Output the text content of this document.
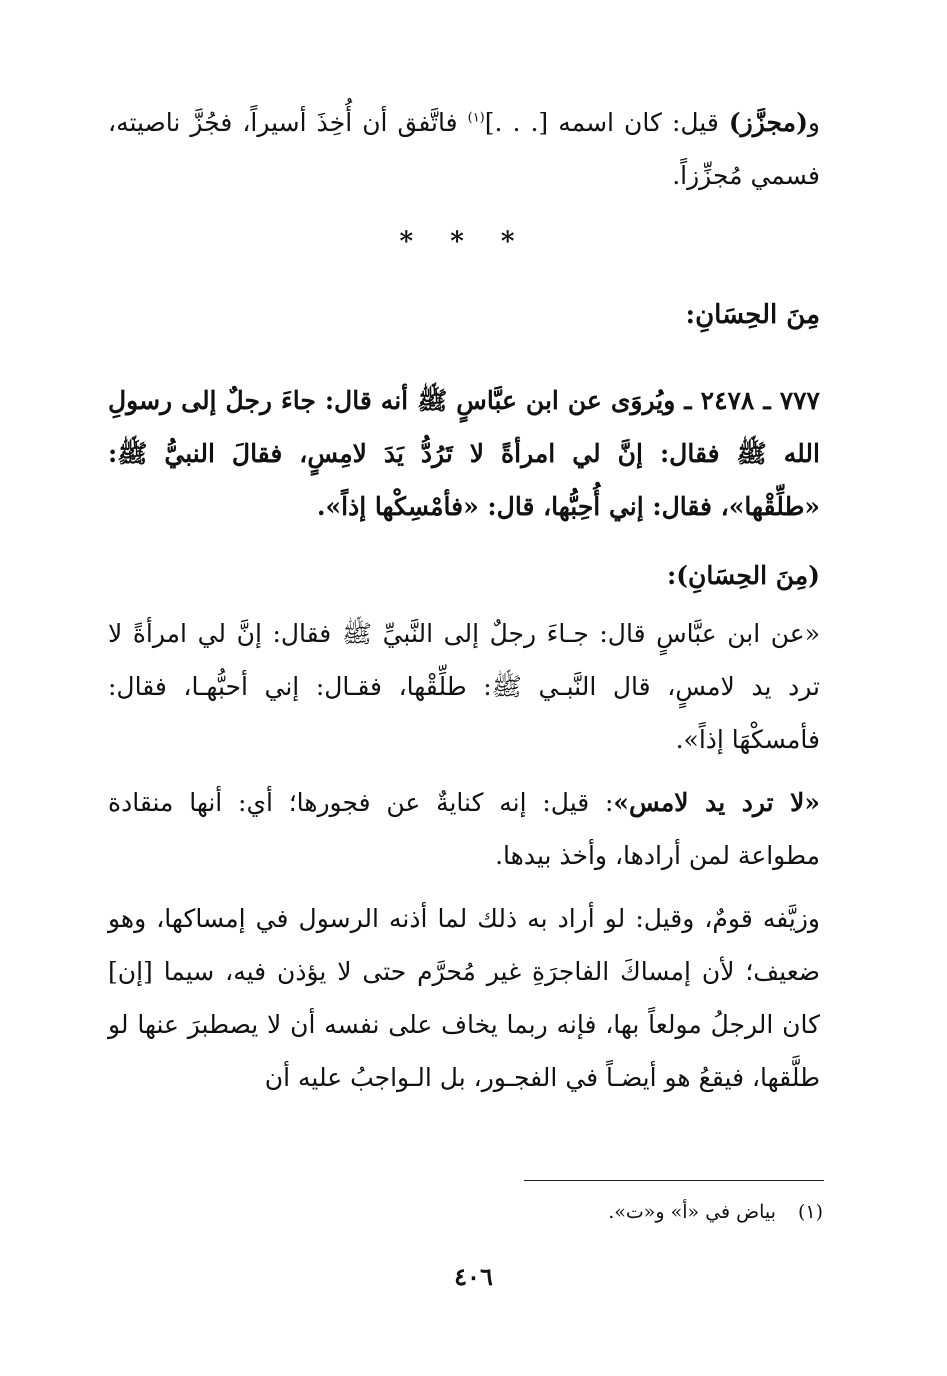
و(مجزَّز) قيل: كان اسمه [. . .]$^{(١)}$ فاتَّفق أن أُخِذَ أسيراً، فجُزَّ ناصيته، فسمي مُجزِّزاً.

* * *
مِنَ الحِسَانِ:

٧٧٧ ـ ٢٤٧٨ ـ ويُروَى عن ابن عبَّاسٍ ﷺ أنه قال: جاءَ رجلٌ إلى رسولِ الله ﷺ فقال: إنَّ لي امرأةً لا تَرُدُّ يَدَ لامِسٍ، فقالَ النبيُّ ﷺ: «طلِّقْها»، فقال: إني أُحِبُّها، قال: «فأمْسِكْها إذاً».

(مِنَ الحِسَانِ):

«عن ابن عبَّاسٍ قال: جـاءَ رجلٌ إلى النَّبيِّ ﷺ فقال: إنَّ لي امرأةً لا ترد يد لامسٍ، قال النَّبـي ﷺ: طلِّقْها، فقـال: إني أحبُّهـا، فقال: فأمسكْهَا إذاً».

«لا ترد يد لامس»: قيل: إنه كنايةٌ عن فجورها؛ أي: أنها منقادة مطواعة لمن أرادها، وأخذ بيدها.

وزيَّفه قومٌ، وقيل: لو أراد به ذلك لما أذنه الرسول في إمساكها، وهو ضعيف؛ لأن إمساكَ الفاجرَةِ غير مُحرَّم حتى لا يؤذن فيه، سيما [إن] كان الرجلُ مولعاً بها، فإنه ربما يخاف على نفسه أن لا يصطبرَ عنها لو طلَّقها، فيقعُ هو أيضـاً في الفجـور، بل الـواجبُ عليه أن

(١)بياض في «أ» و«ت».
٤٠٦
